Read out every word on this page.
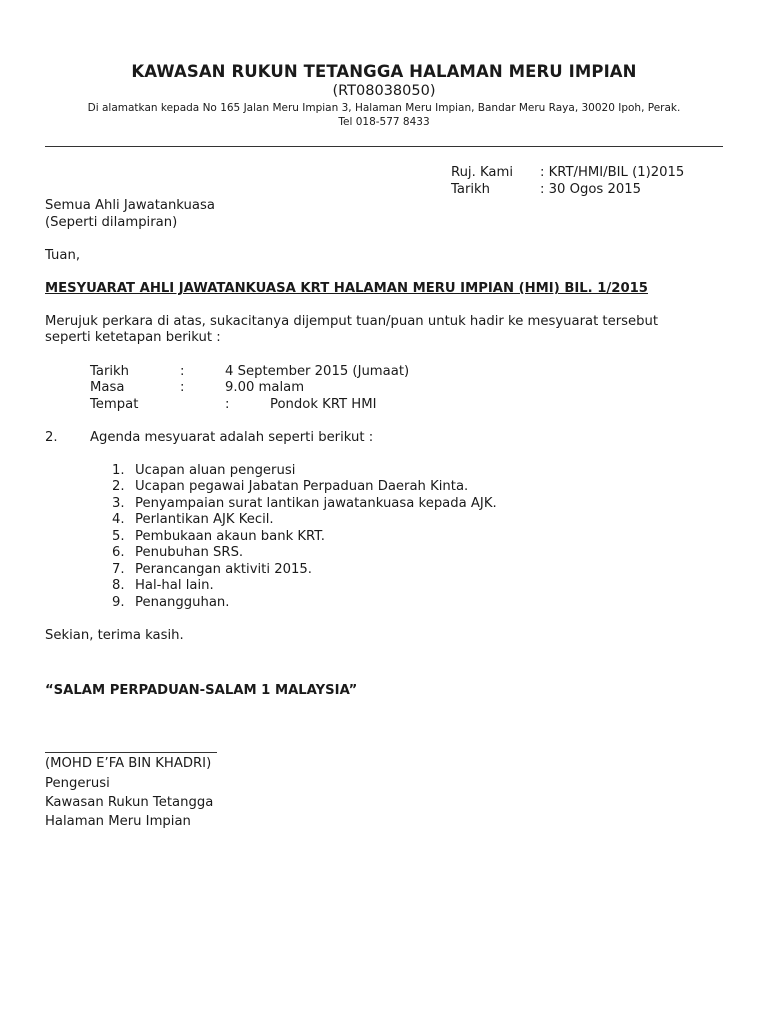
KAWASAN RUKUN TETANGGA HALAMAN MERU IMPIAN
(RT08038050)
Di alamatkan kepada No 165 Jalan Meru Impian 3, Halaman Meru Impian, Bandar Meru Raya, 30020 Ipoh, Perak.
Tel 018-577 8433
Ruj. Kami : KRT/HMI/BIL (1)2015
Tarikh	: 30 Ogos 2015
Semua Ahli Jawatankuasa
(Seperti dilampiran)
Tuan,
MESYUARAT AHLI JAWATANKUASA KRT HALAMAN MERU IMPIAN (HMI) BIL. 1/2015
Merujuk perkara di atas, sukacitanya dijemput tuan/puan untuk hadir ke mesyuarat tersebut
seperti ketetapan berikut :
Tarikh	:	4 September 2015 (Jumaat)
Masa	:	9.00 malam
Tempat	:	Pondok KRT HMI
2. Agenda mesyuarat adalah seperti berikut :
1. Ucapan aluan pengerusi
2. Ucapan pegawai Jabatan Perpaduan Daerah Kinta.
3. Penyampaian surat lantikan jawatankuasa kepada AJK.
4. Perlantikan AJK Kecil.
5. Pembukaan akaun bank KRT.
6. Penubuhan SRS.
7. Perancangan aktiviti 2015.
8. Hal-hal lain.
9. Penangguhan.
Sekian, terima kasih.
“SALAM PERPADUAN-SALAM 1 MALAYSIA”
(MOHD E’FA BIN KHADRI)
Pengerusi
Kawasan Rukun Tetangga
Halaman Meru Impian
